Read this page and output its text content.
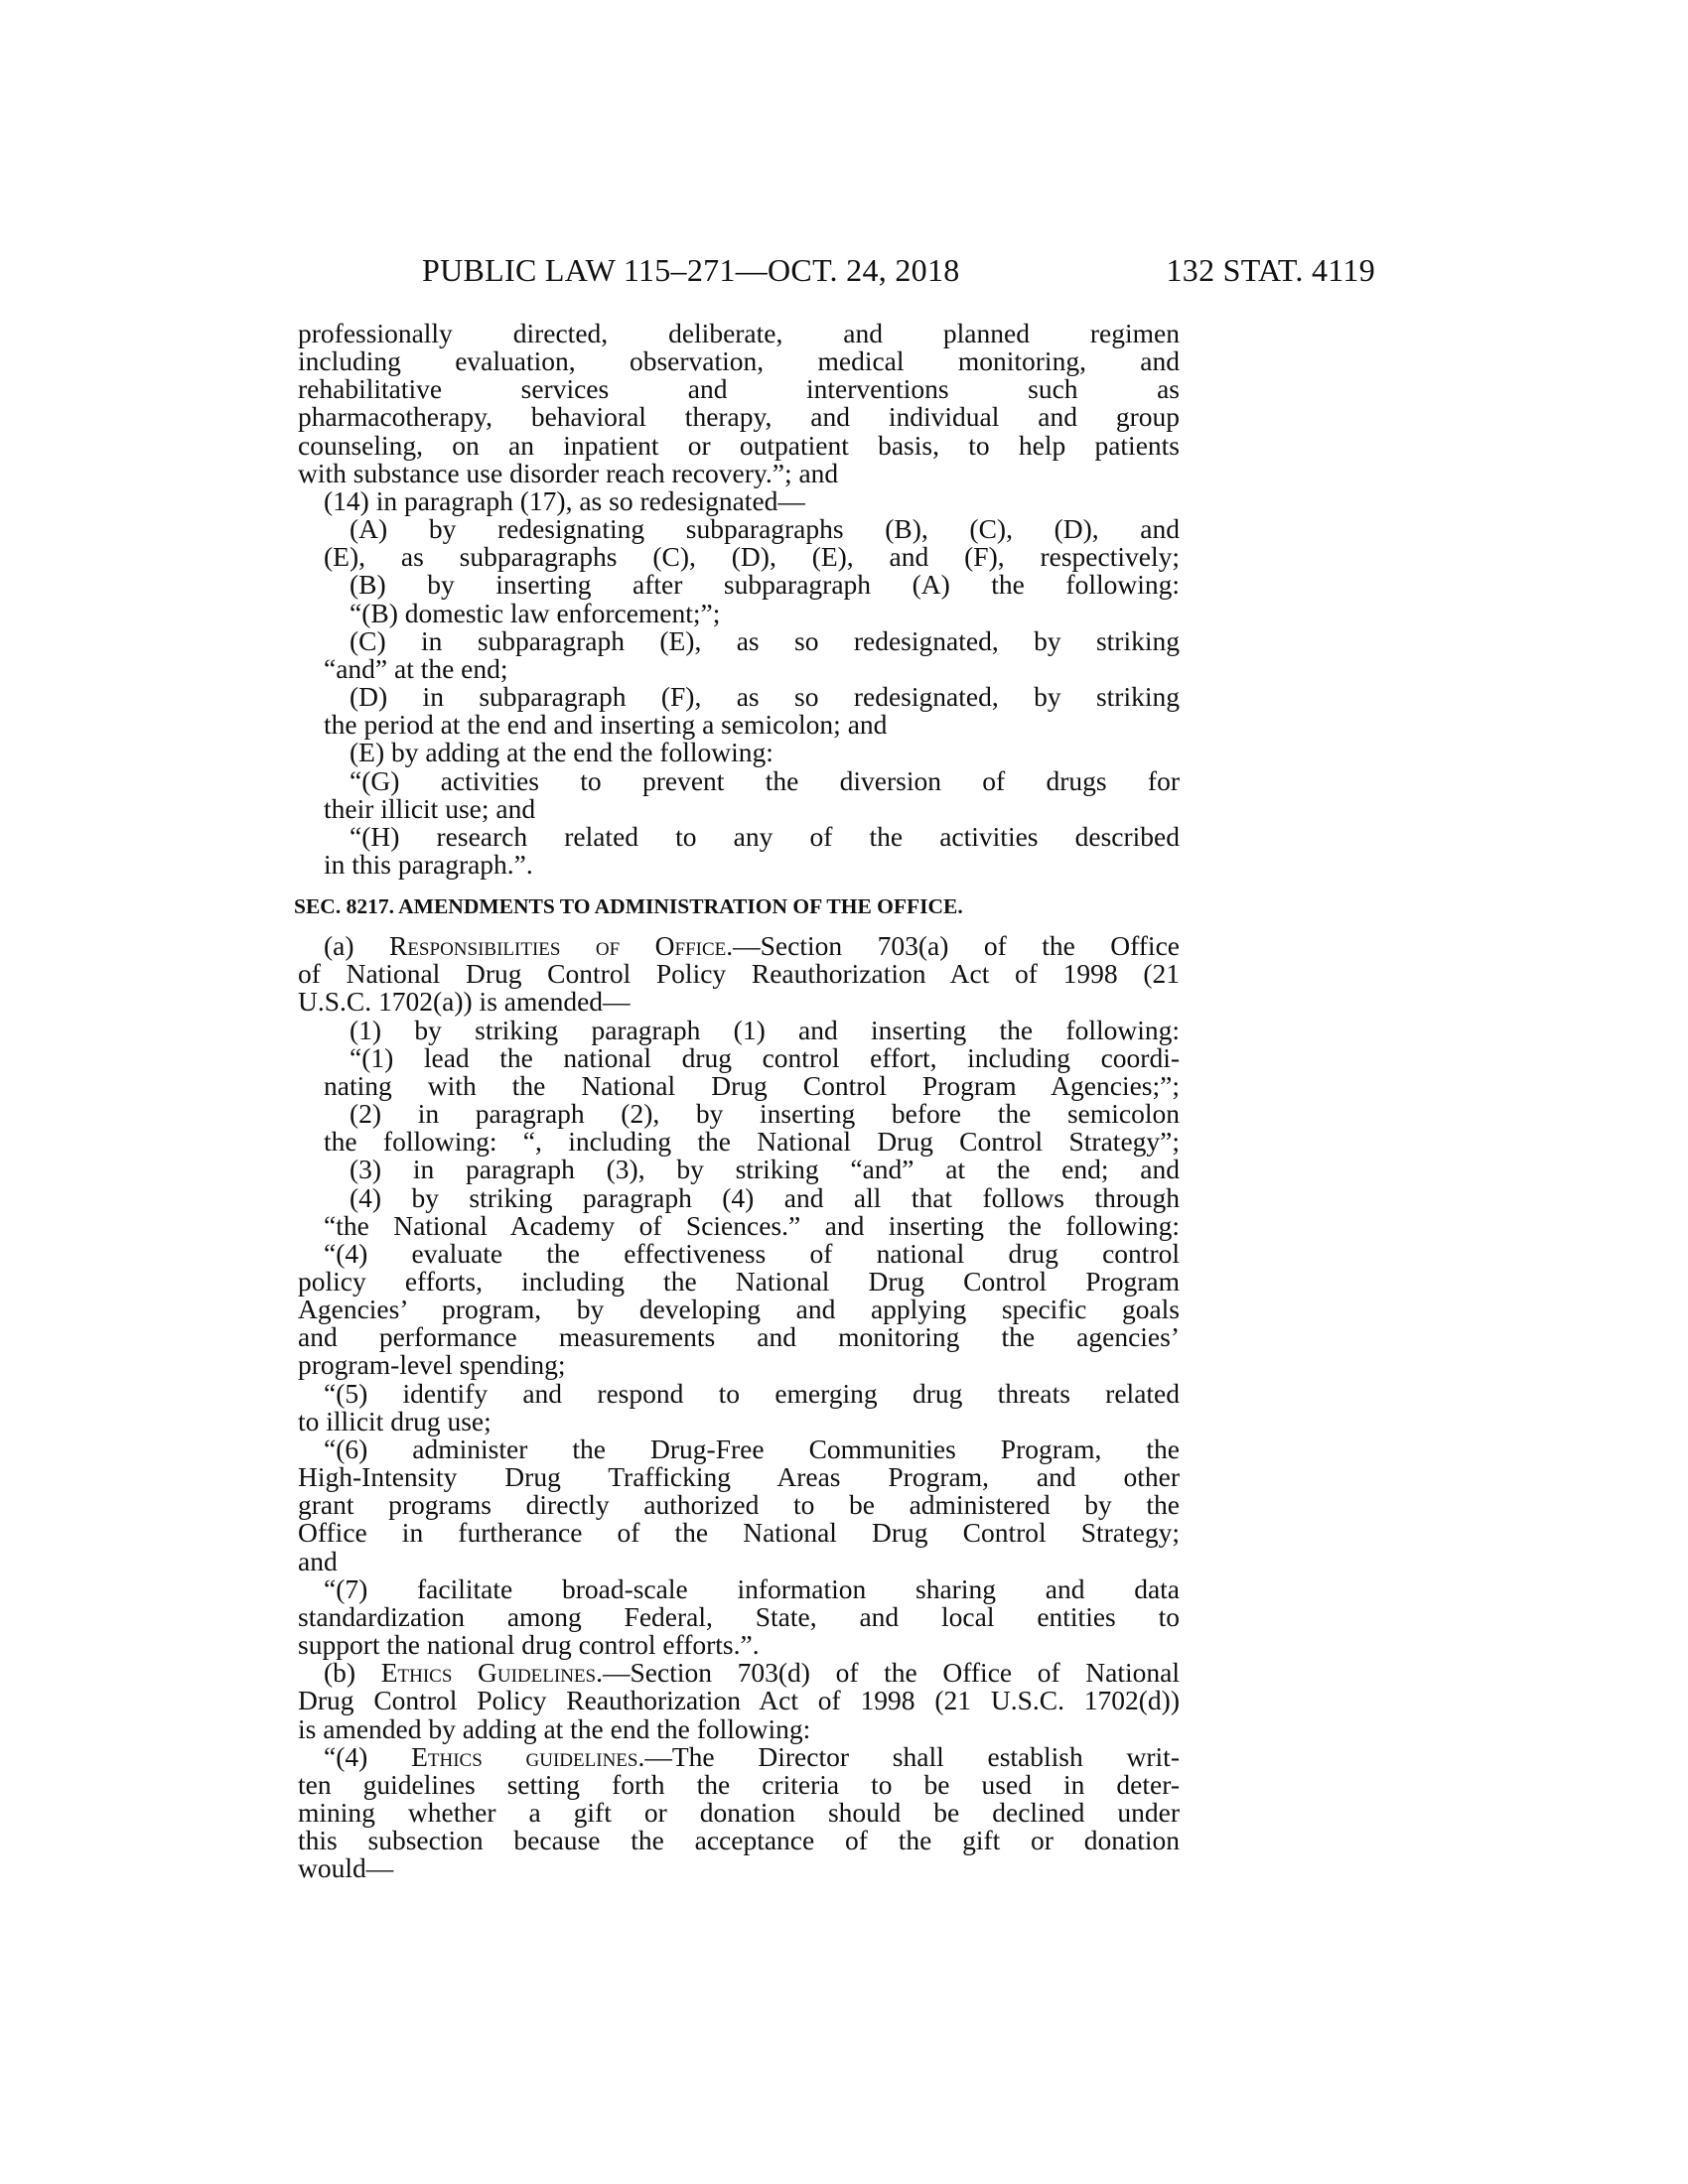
PUBLIC LAW 115–271—OCT. 24, 2018	132 STAT. 4119
professionally directed, deliberate, and planned regimen
including evaluation, observation, medical monitoring, and
rehabilitative services and interventions such as
pharmacotherapy, behavioral therapy, and individual and group
counseling, on an inpatient or outpatient basis, to help patients
with substance use disorder reach recovery.”; and
(14) in paragraph (17), as so redesignated—
(A) by redesignating subparagraphs (B), (C), (D), and
(E), as subparagraphs (C), (D), (E), and (F), respectively;
(B) by inserting after subparagraph (A) the following:
“(B) domestic law enforcement;”;
(C) in subparagraph (E), as so redesignated, by striking
“and” at the end;
(D) in subparagraph (F), as so redesignated, by striking
the period at the end and inserting a semicolon; and
(E) by adding at the end the following:
“(G) activities to prevent the diversion of drugs for
their illicit use; and
“(H) research related to any of the activities described
in this paragraph.”.
SEC. 8217. AMENDMENTS TO ADMINISTRATION OF THE OFFICE.
(a) Responsibilities of Office.—Section 703(a) of the Office
of National Drug Control Policy Reauthorization Act of 1998 (21
U.S.C. 1702(a)) is amended—
(1) by striking paragraph (1) and inserting the following:
“(1) lead the national drug control effort, including coordi-
nating with the National Drug Control Program Agencies;”;
(2) in paragraph (2), by inserting before the semicolon
the following: “, including the National Drug Control Strategy”;
(3) in paragraph (3), by striking “and” at the end; and
(4) by striking paragraph (4) and all that follows through
“the National Academy of Sciences.” and inserting the following:
“(4) evaluate the effectiveness of national drug control
policy efforts, including the National Drug Control Program
Agencies’ program, by developing and applying specific goals
and performance measurements and monitoring the agencies’
program-level spending;
“(5) identify and respond to emerging drug threats related
to illicit drug use;
“(6) administer the Drug-Free Communities Program, the
High-Intensity Drug Trafficking Areas Program, and other
grant programs directly authorized to be administered by the
Office in furtherance of the National Drug Control Strategy;
and
“(7) facilitate broad-scale information sharing and data
standardization among Federal, State, and local entities to
support the national drug control efforts.”.
(b) Ethics Guidelines.—Section 703(d) of the Office of National
Drug Control Policy Reauthorization Act of 1998 (21 U.S.C. 1702(d))
is amended by adding at the end the following:
“(4) Ethics guidelines.—The Director shall establish writ-
ten guidelines setting forth the criteria to be used in deter-
mining whether a gift or donation should be declined under
this subsection because the acceptance of the gift or donation
would—
